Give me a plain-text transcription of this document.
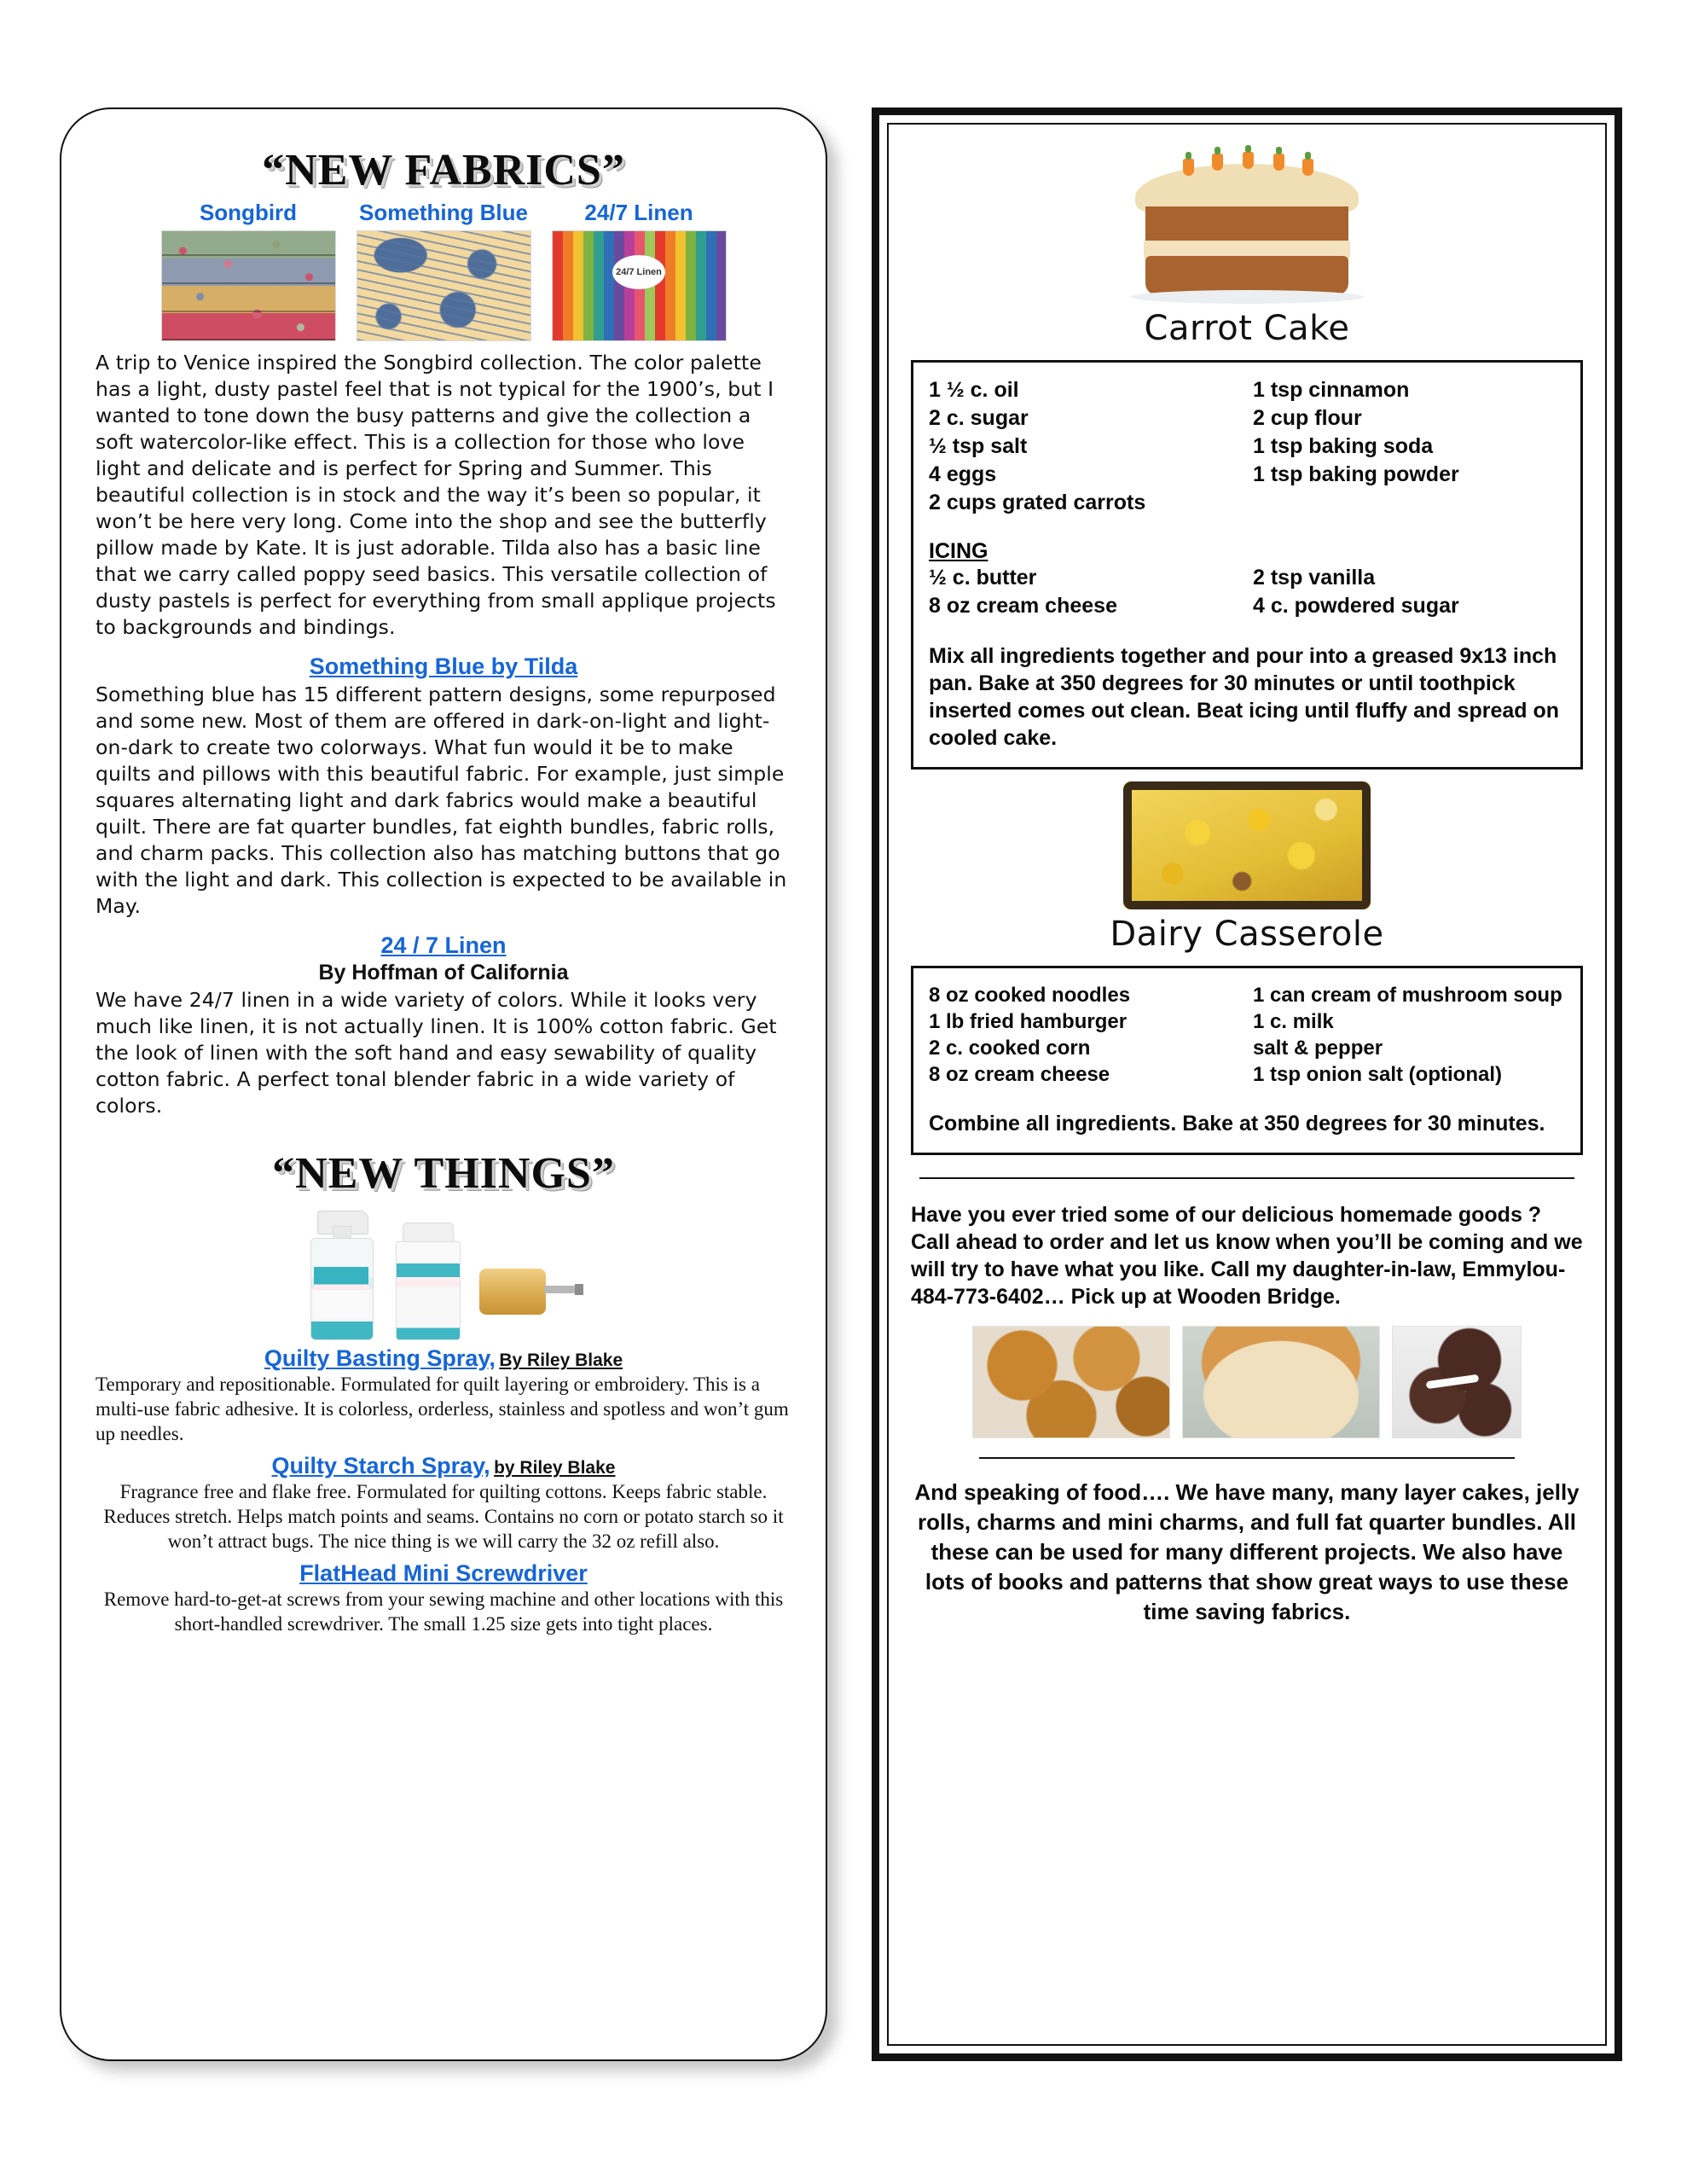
“NEW FABRICS”
Songbird	Something Blue	24/7 Linen
24/7 Linen

A trip to Venice inspired the Songbird collection. The color palette has a light, dusty pastel feel that is not typical for the 1900’s, but I wanted to tone down the busy patterns and give the collection a soft watercolor-like effect. This is a collection for those who love light and delicate and is perfect for Spring and Summer. This beautiful collection is in stock and the way it’s been so popular, it won’t be here very long. Come into the shop and see the butterfly pillow made by Kate. It is just adorable. Tilda also has a basic line that we carry called poppy seed basics. This versatile collection of dusty pastels is perfect for everything from small applique projects to backgrounds and bindings.

Something Blue by Tilda

Something blue has 15 different pattern designs, some repurposed and some new. Most of them are offered in dark-on-light and light-on-dark to create two colorways. What fun would it be to make quilts and pillows with this beautiful fabric. For example, just simple squares alternating light and dark fabrics would make a beautiful quilt. There are fat quarter bundles, fat eighth bundles, fabric rolls, and charm packs. This collection also has matching buttons that go with the light and dark. This collection is expected to be available in May.

24 / 7 Linen
By Hoffman of California

We have 24/7 linen in a wide variety of colors. While it looks very much like linen, it is not actually linen. It is 100% cotton fabric. Get the look of linen with the soft hand and easy sewability of quality cotton fabric. A perfect tonal blender fabric in a wide variety of colors.

“NEW THINGS”
Quilty Basting Spray, By Riley Blake
Temporary and repositionable. Formulated for quilt layering or embroidery. This is a multi-use fabric adhesive. It is colorless, orderless, stainless and spotless and won’t gum up needles.
Quilty Starch Spray, by Riley Blake
Fragrance free and flake free. Formulated for quilting cottons. Keeps fabric stable. Reduces stretch. Helps match points and seams. Contains no corn or potato starch so it won’t attract bugs. The nice thing is we will carry the 32 oz refill also.
FlatHead Mini Screwdriver
Remove hard-to-get-at screws from your sewing machine and other locations with this short-handled screwdriver. The small 1.25 size gets into tight places.
Carrot Cake
1 ½ c. oil
2 c. sugar
½ tsp salt
4 eggs
2 cups grated carrots
1 tsp cinnamon
2 cup flour
1 tsp baking soda
1 tsp baking powder
ICING
½ c. butter
8 oz cream cheese
2 tsp vanilla
4 c. powdered sugar
Mix all ingredients together and pour into a greased 9x13 inch pan. Bake at 350 degrees for 30 minutes or until toothpick inserted comes out clean. Beat icing until fluffy and spread on cooled cake.
Dairy Casserole
8 oz cooked noodles
1 lb fried hamburger
2 c. cooked corn
8 oz cream cheese
1 can cream of mushroom soup
1 c. milk
salt & pepper
1 tsp onion salt (optional)
Combine all ingredients. Bake at 350 degrees for 30 minutes.
Have you ever tried some of our delicious homemade goods ? Call ahead to order and let us know when you’ll be coming and we will try to have what you like. Call my daughter-in-law, Emmylou- 484-773-6402… Pick up at Wooden Bridge.
And speaking of food…. We have many, many layer cakes, jelly rolls, charms and mini charms, and full fat quarter bundles. All these can be used for many different projects. We also have lots of books and patterns that show great ways to use these time saving fabrics.
